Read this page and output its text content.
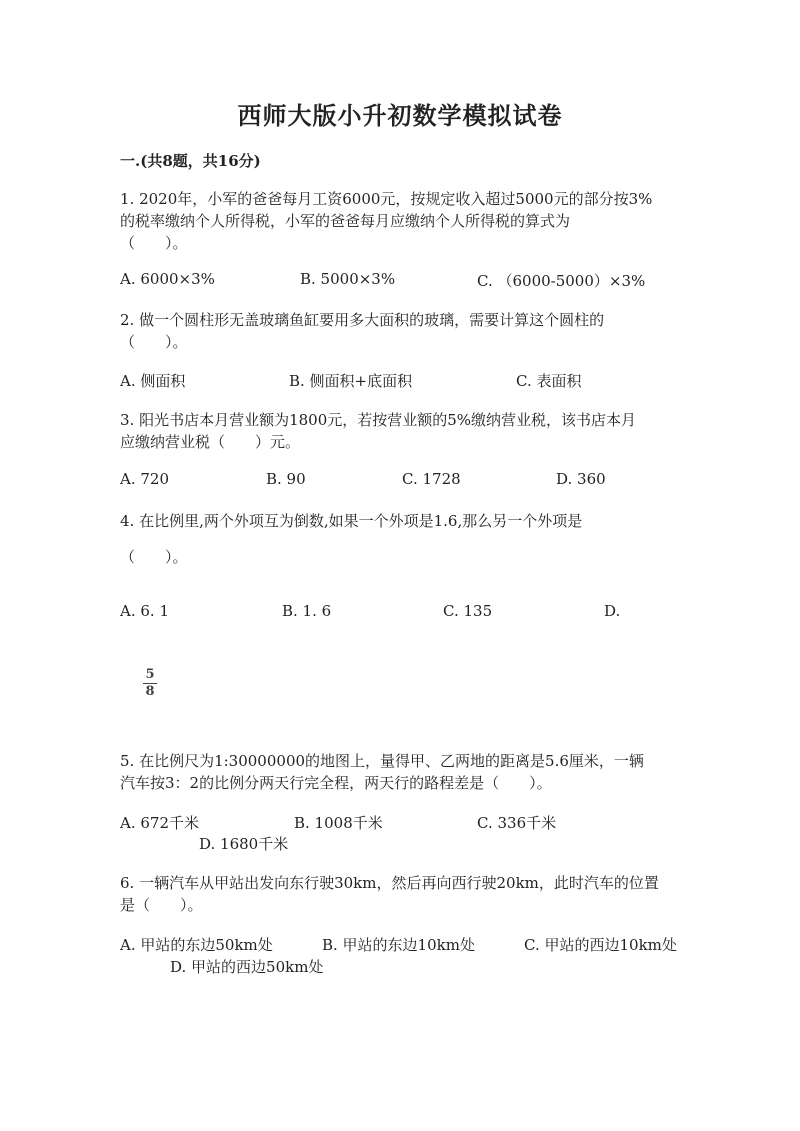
西师大版小升初数学模拟试卷
一.(共8题，共16分)
1. 2020年，小军的爸爸每月工资6000元，按规定收入超过5000元的部分按3%
的税率缴纳个人所得税，小军的爸爸每月应缴纳个人所得税的算式为
（　　）。
A. 6000×3%	B. 5000×3%	C. （6000-5000）×3%
2. 做一个圆柱形无盖玻璃鱼缸要用多大面积的玻璃，需要计算这个圆柱的
（　　）。
A. 侧面积	B. 侧面积+底面积	C. 表面积
3. 阳光书店本月营业额为1800元，若按营业额的5%缴纳营业税，该书店本月
应缴纳营业税（　　）元。
A. 720	B. 90	C. 1728	D. 360
4. 在比例里,两个外项互为倒数,如果一个外项是1.6,那么另一个外项是
（　　）。
A. 6. 1	B. 1. 6	C. 135	D.
5
8
5. 在比例尺为1:30000000的地图上，量得甲、乙两地的距离是5.6厘米，一辆
汽车按3：2的比例分两天行完全程，两天行的路程差是（　　）。
A. 672千米	B. 1008千米	C. 336千米
D. 1680千米
6. 一辆汽车从甲站出发向东行驶30km，然后再向西行驶20km，此时汽车的位置
是（　　）。
A. 甲站的东边50km处	B. 甲站的东边10km处	C. 甲站的西边10km处
D. 甲站的西边50km处
